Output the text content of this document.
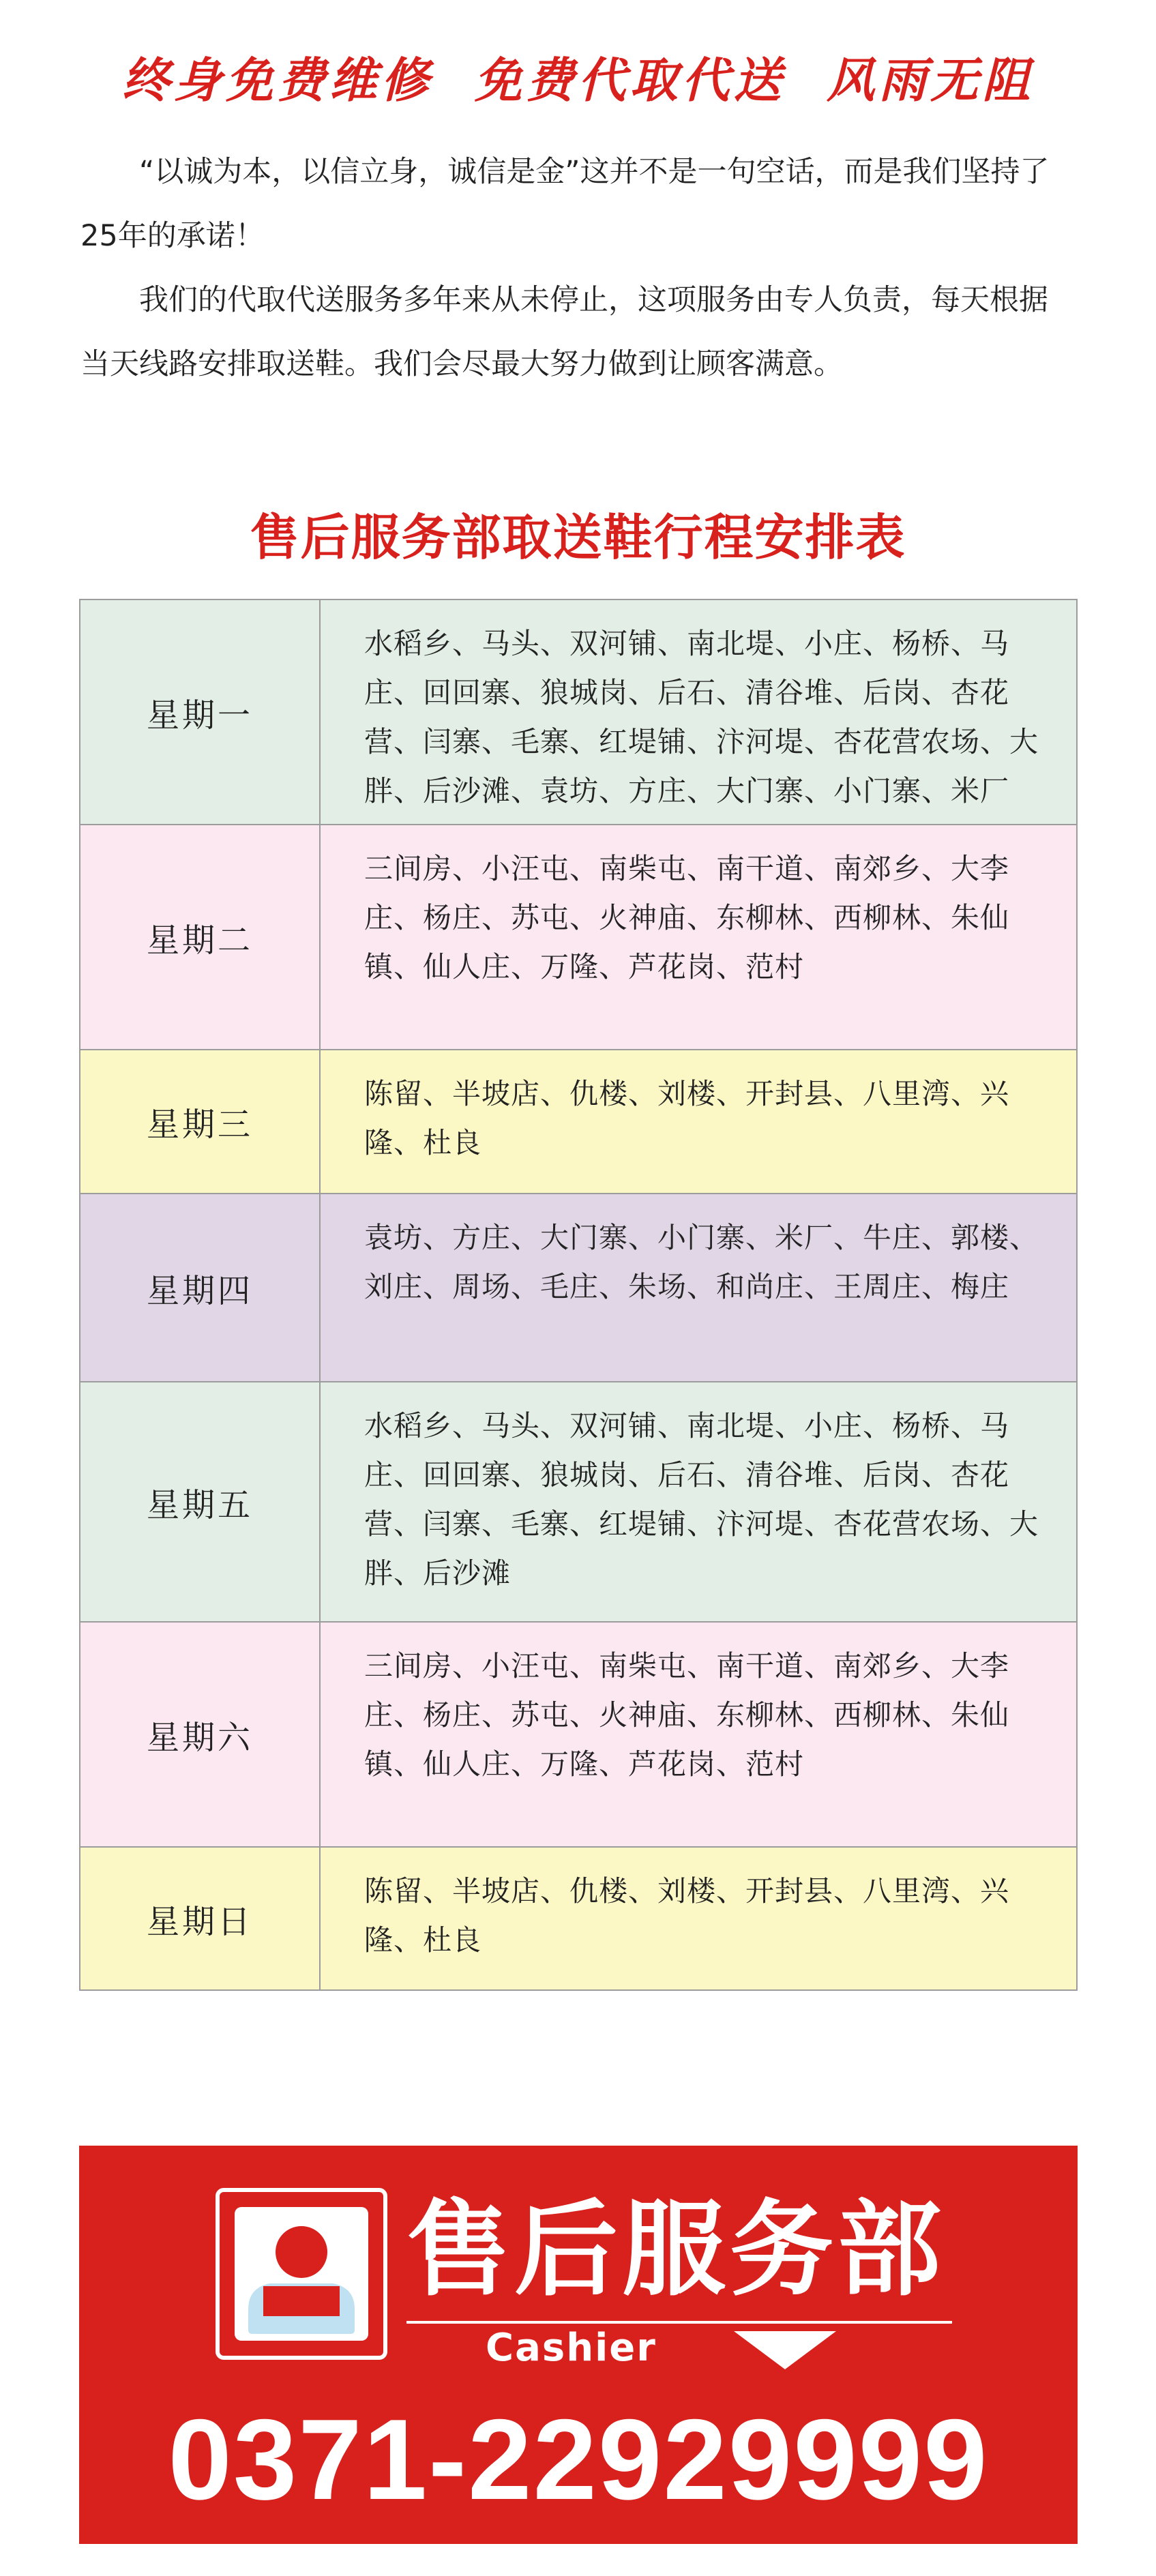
终身免费维修  免费代取代送  风雨无阻

“以诚为本，以信立身，诚信是金”这并不是一句空话，而是我们坚持了25年的承诺！

我们的代取代送服务多年来从未停止，这项服务由专人负责，每天根据当天线路安排取送鞋。我们会尽最大努力做到让顾客满意。

售后服务部取送鞋行程安排表
星期一
水稻乡、马头、双河铺、南北堤、小庄、杨桥、马庄、回回寨、狼城岗、后石、清谷堆、后岗、杏花营、闫寨、毛寨、红堤铺、汴河堤、杏花营农场、大胖、后沙滩、袁坊、方庄、大门寨、小门寨、米厂
星期二
三间房、小汪屯、南柴屯、南干道、南郊乡、大李庄、杨庄、苏屯、火神庙、东柳林、西柳林、朱仙镇、仙人庄、万隆、芦花岗、范村
星期三
陈留、半坡店、仇楼、刘楼、开封县、八里湾、兴隆、杜良
星期四
袁坊、方庄、大门寨、小门寨、米厂、牛庄、郭楼、刘庄、周场、毛庄、朱场、和尚庄、王周庄、梅庄
星期五
水稻乡、马头、双河铺、南北堤、小庄、杨桥、马庄、回回寨、狼城岗、后石、清谷堆、后岗、杏花营、闫寨、毛寨、红堤铺、汴河堤、杏花营农场、大胖、后沙滩
星期六
三间房、小汪屯、南柴屯、南干道、南郊乡、大李庄、杨庄、苏屯、火神庙、东柳林、西柳林、朱仙镇、仙人庄、万隆、芦花岗、范村
星期日
陈留、半坡店、仇楼、刘楼、开封县、八里湾、兴隆、杜良
售后服务部
Cashier
0371-22929999
